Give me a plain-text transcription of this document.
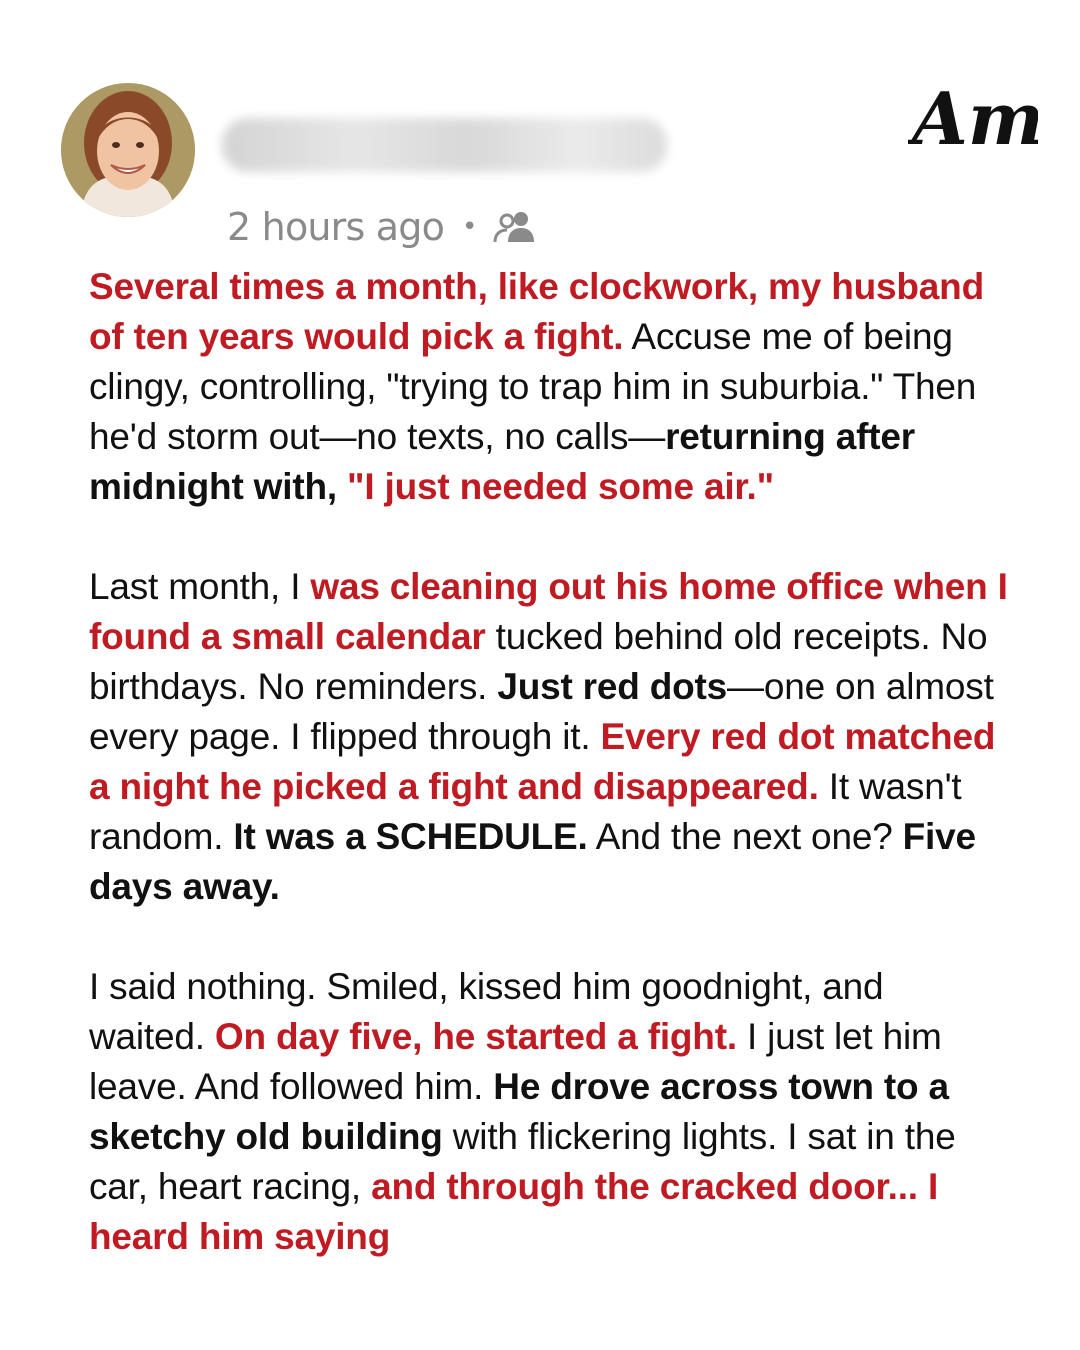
2 hours ago •
Am

Several times a month, like clockwork, my husband of ten years would pick a fight. Accuse me of being clingy, controlling, "trying to trap him in suburbia." Then he'd storm out—no texts, no calls—returning after midnight with, "I just needed some air."

Last month, I was cleaning out his home office when I found a small calendar tucked behind old receipts. No birthdays. No reminders. Just red dots—one on almost every page. I flipped through it. Every red dot matched a night he picked a fight and disappeared. It wasn't random. It was a SCHEDULE. And the next one? Five days away.

I said nothing. Smiled, kissed him goodnight, and waited. On day five, he started a fight. I just let him leave. And followed him. He drove across town to a sketchy old building with flickering lights. I sat in the car, heart racing, and through the cracked door... I heard him saying
